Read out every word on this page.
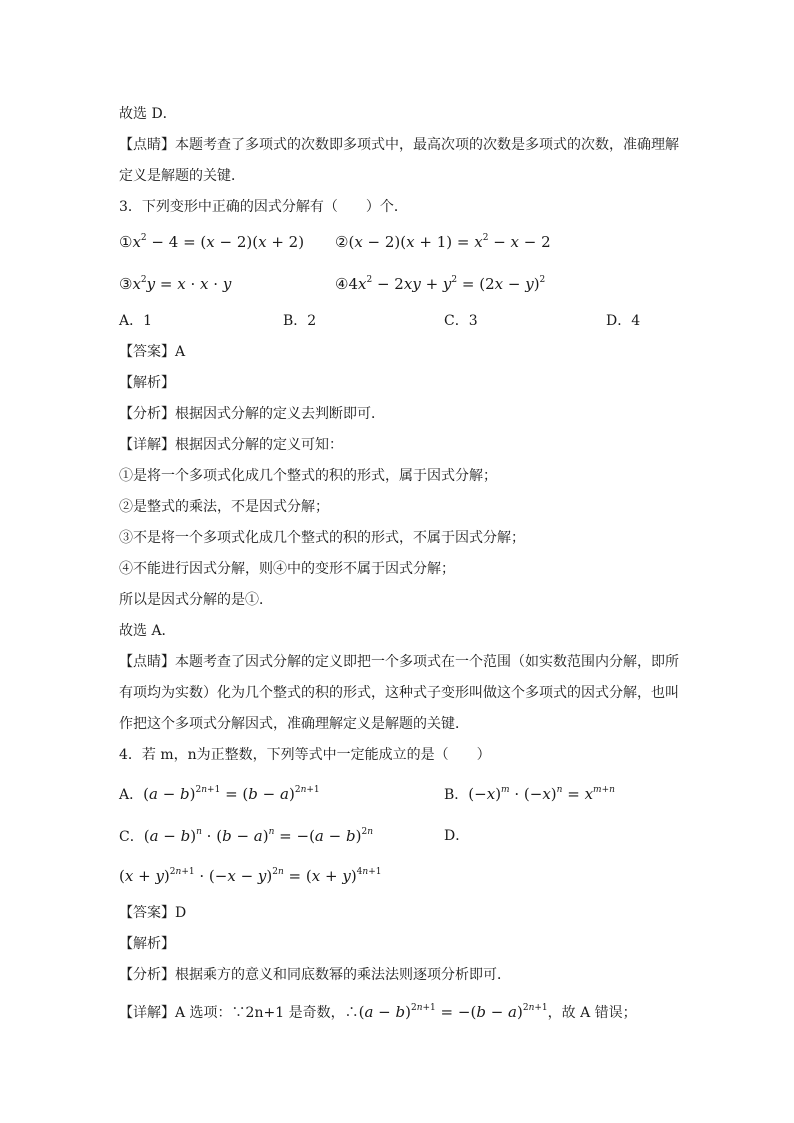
故选 D．
【点睛】本题考查了多项式的次数即多项式中，最高次项的次数是多项式的次数，准确理解
定义是解题的关键．
3．下列变形中正确的因式分解有（　　）个．
$①x^2 - 4 = (x - 2)(x + 2)$ ②(x − $2)(x + 1) = x^2 - x - 2$
$③x^2y = x \cdot x \cdot y$	$④4x^2 - 2xy + y^2 = (2x - y)^2$
A．1	B．2	C．3	D．4
【答案】A
【解析】
【分析】根据因式分解的定义去判断即可．
【详解】根据因式分解的定义可知：
①是将一个多项式化成几个整式的积的形式，属于因式分解；
②是整式的乘法，不是因式分解；
③不是将一个多项式化成几个整式的积的形式，不属于因式分解；
④不能进行因式分解，则④中的变形不属于因式分解；
所以是因式分解的是①．
故选 A．
【点睛】本题考查了因式分解的定义即把一个多项式在一个范围（如实数范围内分解，即所
有项均为实数）化为几个整式的积的形式，这种式子变形叫做这个多项式的因式分解，也叫
作把这个多项式分解因式，准确理解定义是解题的关键．
4．若 m，n为正整数，下列等式中一定能成立的是（　　）
A．$(a - b)^{2n+1} = (b - a)^{2n+1}$	B．$(-x)^m \cdot (-x)^n = x^{m+n}$
C．$(a - b)^n \cdot (b - a)^n = -(a - b)^{2n}$	D．
$(x + y)^{2n+1} \cdot (-x - y)^{2n} = (x + y)^{4n+1}$
【答案】D
【解析】
【分析】根据乘方的意义和同底数幂的乘法法则逐项分析即可．
【详解】A 选项：∵2n+1 是奇数，∴(a − $b)^{2n+1} = -(b - a)^{2n+1}$，故 A 错误；
